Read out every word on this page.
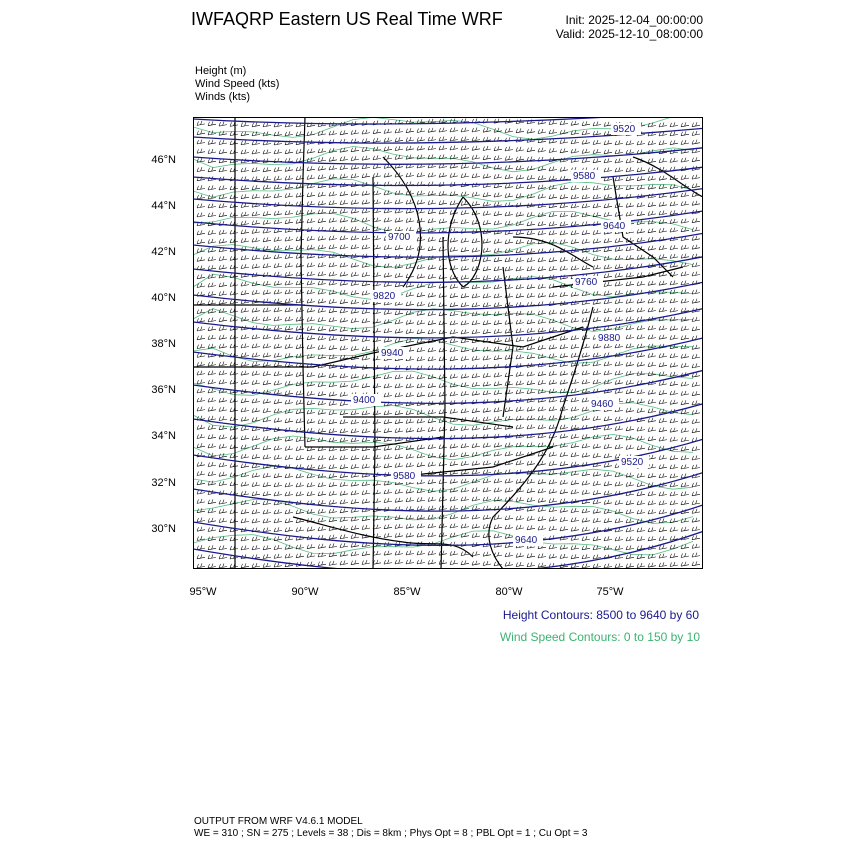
IWFAQRP Eastern US Real Time WRF	Init: 2025-12-04_00:00:00
Valid: 2025-12-10_08:00:00
Height (m)
Wind Speed (kts)
Winds (kts)
9520
9580
9640
9700
9760
9820
9880
9940
9400	9460
9520
9580
9640
46°N
44°N
42°N
40°N
38°N
36°N
34°N
32°N
30°N
95°W	90°W	85°W	80°W	75°W
Height Contours: 8500 to 9640 by 60
Wind Speed Contours: 0 to 150 by 10
OUTPUT FROM WRF V4.6.1 MODEL
WE = 310 ; SN = 275 ; Levels = 38 ; Dis = 8km ; Phys Opt = 8 ; PBL Opt = 1 ; Cu Opt = 3
